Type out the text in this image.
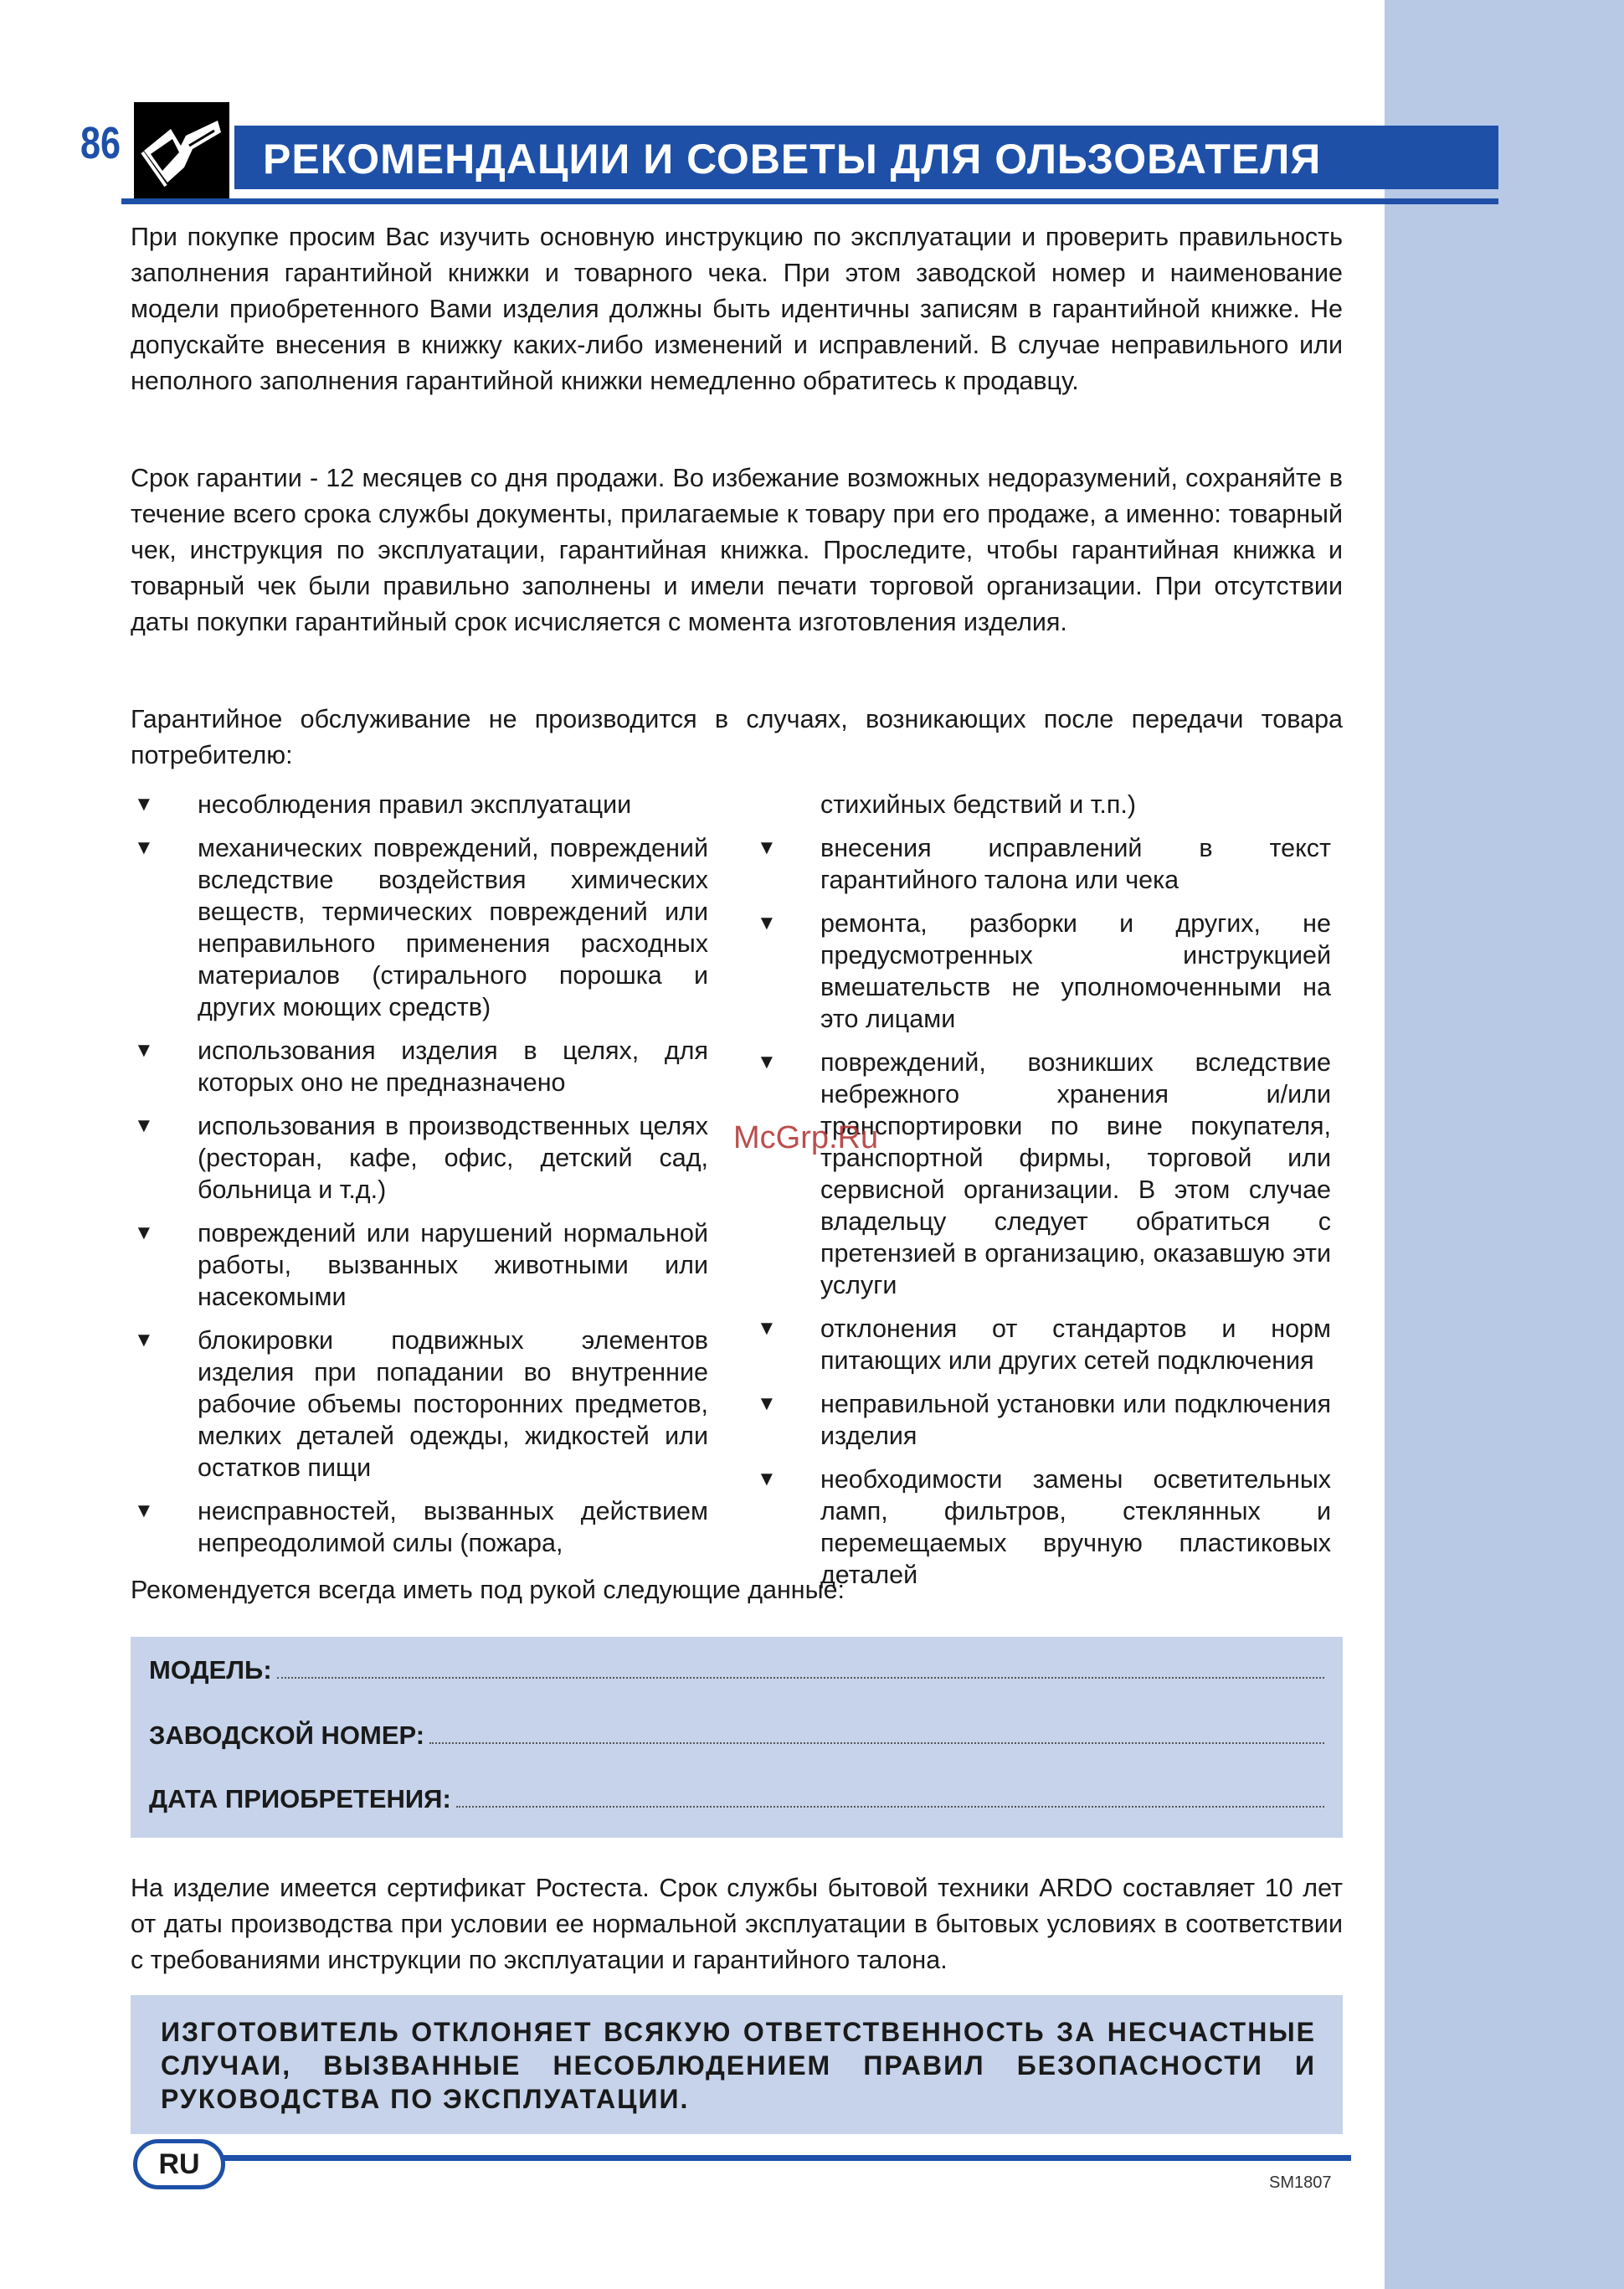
86	РЕКОМЕНДАЦИИ И СОВЕТЫ ДЛЯ ОЛЬЗОВАТЕЛЯ

При покупке просим Вас изучить основную инструкцию по эксплуатации и проверить правильность заполнения гарантийной книжки и товарного чека. При этом заводской номер и наименование модели приобретенного Вами изделия должны быть идентичны записям в гарантийной книжке. Не допускайте внесения в книжку каких-либо изменений и исправлений. В случае неправильного или неполного заполнения гарантийной книжки немедленно обратитесь к продавцу.

Срок гарантии - 12 месяцев со дня продажи. Во избежание возможных недоразумений, сохраняйте в течение всего срока службы документы, прилагаемые к товару при его продаже, а именно: товарный чек, инструкция по эксплуатации, гарантийная книжка. Проследите, чтобы гарантийная книжка и товарный чек были правильно заполнены и имели печати торговой организации. При отсутствии даты покупки гарантийный срок исчисляется с момента изготовления изделия.

Гарантийное обслуживание не производится в случаях, возникающих после передачи товара потребителю:

▼ несоблюдения правил эксплуатации
▼ механических повреждений, повреждений вследствие воздействия химических веществ, термических повреждений или неправильного применения расходных материалов (стирального порошка и других моющих средств)
▼ использования изделия в целях, для которых оно не предназначено
▼ использования в производственных целях (ресторан, кафе, офис, детский сад, больница и т.д.)
▼ повреждений или нарушений нормальной работы, вызванных животными или насекомыми
▼ блокировки подвижных элементов изделия при попадании во внутренние рабочие объемы посторонних предметов, мелких деталей одежды, жидкостей или остатков пищи
▼ неисправностей, вызванных действием непреодолимой силы (пожара,
стихийных бедствий и т.п.)
▼ внесения исправлений в текст гарантийного талона или чека
▼ ремонта, разборки и других, не предусмотренных инструкцией вмешательств не уполномоченными на это лицами
▼ повреждений, возникших вследствие небрежного хранения и/или транспортировки по вине покупателя, транспортной фирмы, торговой или сервисной организации. В этом случае владельцу следует обратиться с претензией в организацию, оказавшую эти услуги
▼ отклонения от стандартов и норм питающих или других сетей подключения
▼ неправильной установки или подключения изделия
▼ необходимости замены осветительных ламп, фильтров, стеклянных и перемещаемых вручную пластиковых деталей
McGrp.Ru

Рекомендуется всегда иметь под рукой следующие данные:

МОДЕЛЬ:
ЗАВОДСКОЙ НОМЕР:
ДАТА ПРИОБРЕТЕНИЯ:

На изделие имеется сертификат Ростеста. Срок службы бытовой техники ARDO составляет 10 лет от даты производства при условии ее нормальной эксплуатации в бытовых условиях в соответствии с требованиями инструкции по эксплуатации и гарантийного талона.

ИЗГОТОВИТЕЛЬ ОТКЛОНЯЕТ ВСЯКУЮ ОТВЕТСТВЕННОСТЬ ЗА НЕСЧАСТНЫЕ СЛУЧАИ, ВЫЗВАННЫЕ НЕСОБЛЮДЕНИЕМ ПРАВИЛ БЕЗОПАСНОСТИ И РУКОВОДСТВА ПО ЭКСПЛУАТАЦИИ.

RU
SM1807
